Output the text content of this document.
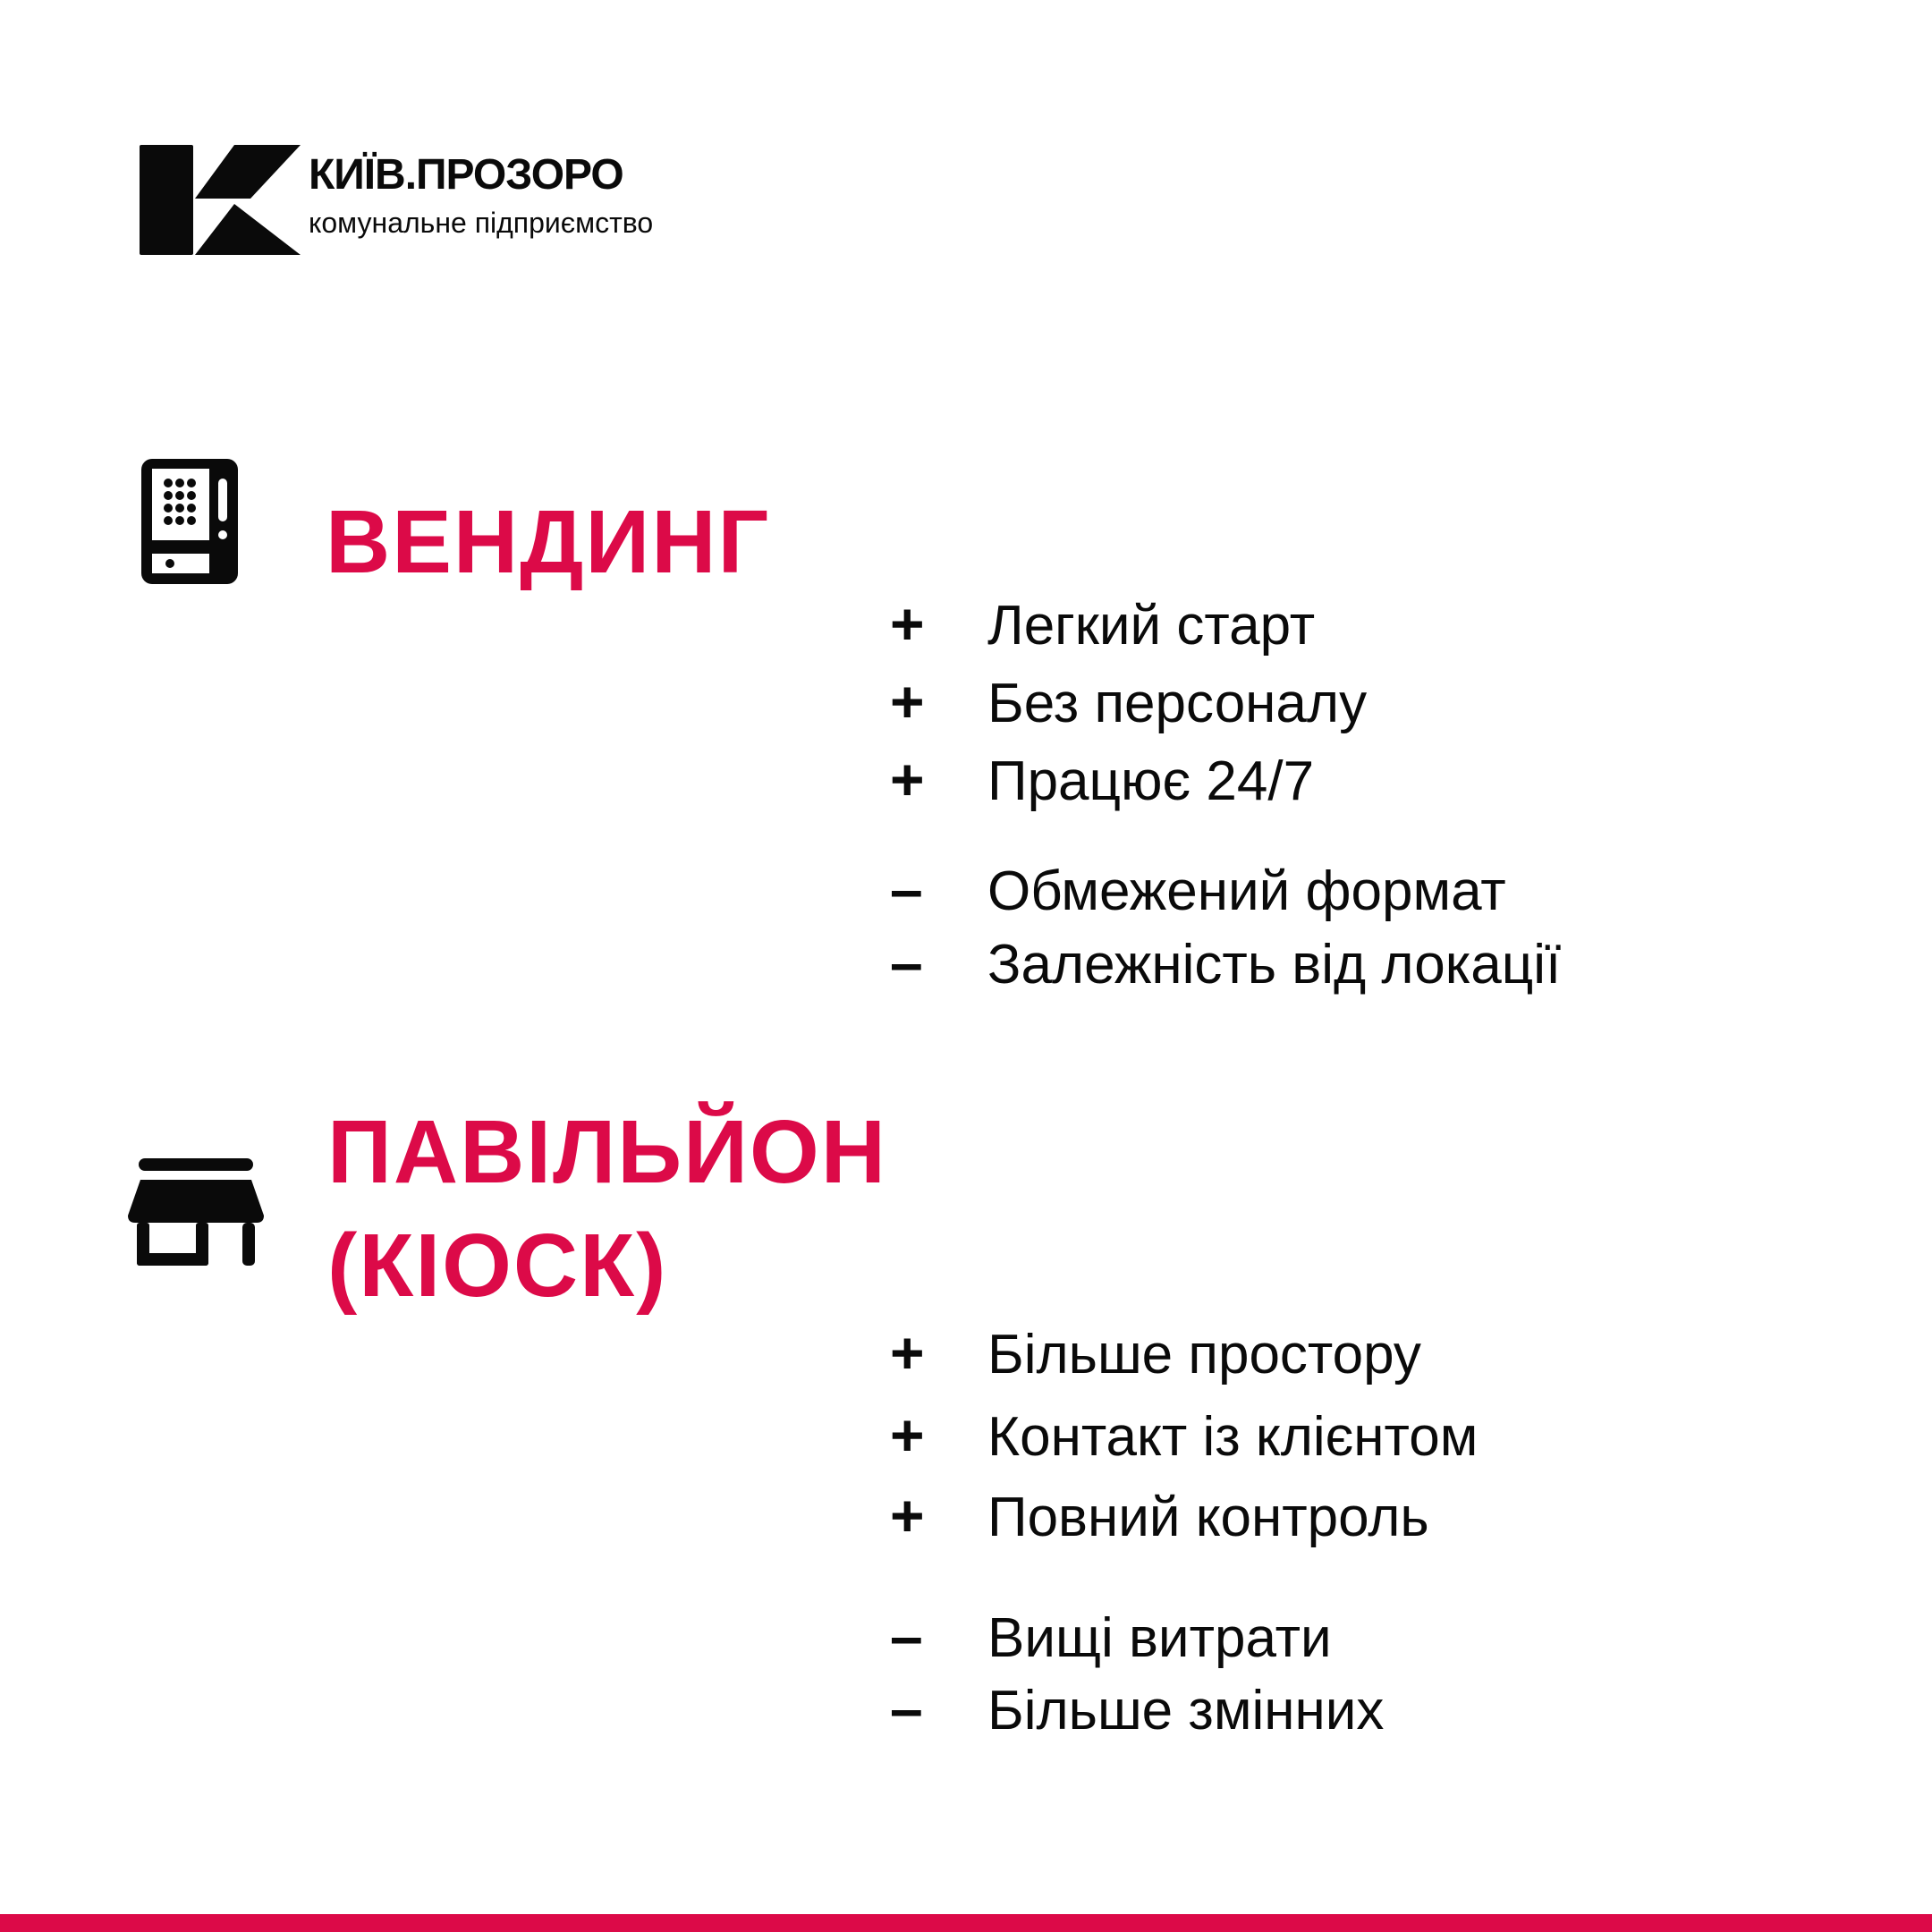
КИЇВ.ПРОЗОРО
комунальне підприємство
ВЕНДИНГ
+ Легкий старт
+ Без персоналу
+ Працює 24/7
– Обмежений формат
– Залежність від локації
ПАВІЛЬЙОН
(КІОСК)
+ Більше простору
+ Контакт із клієнтом
+ Повний контроль
– Вищі витрати
– Більше змінних
